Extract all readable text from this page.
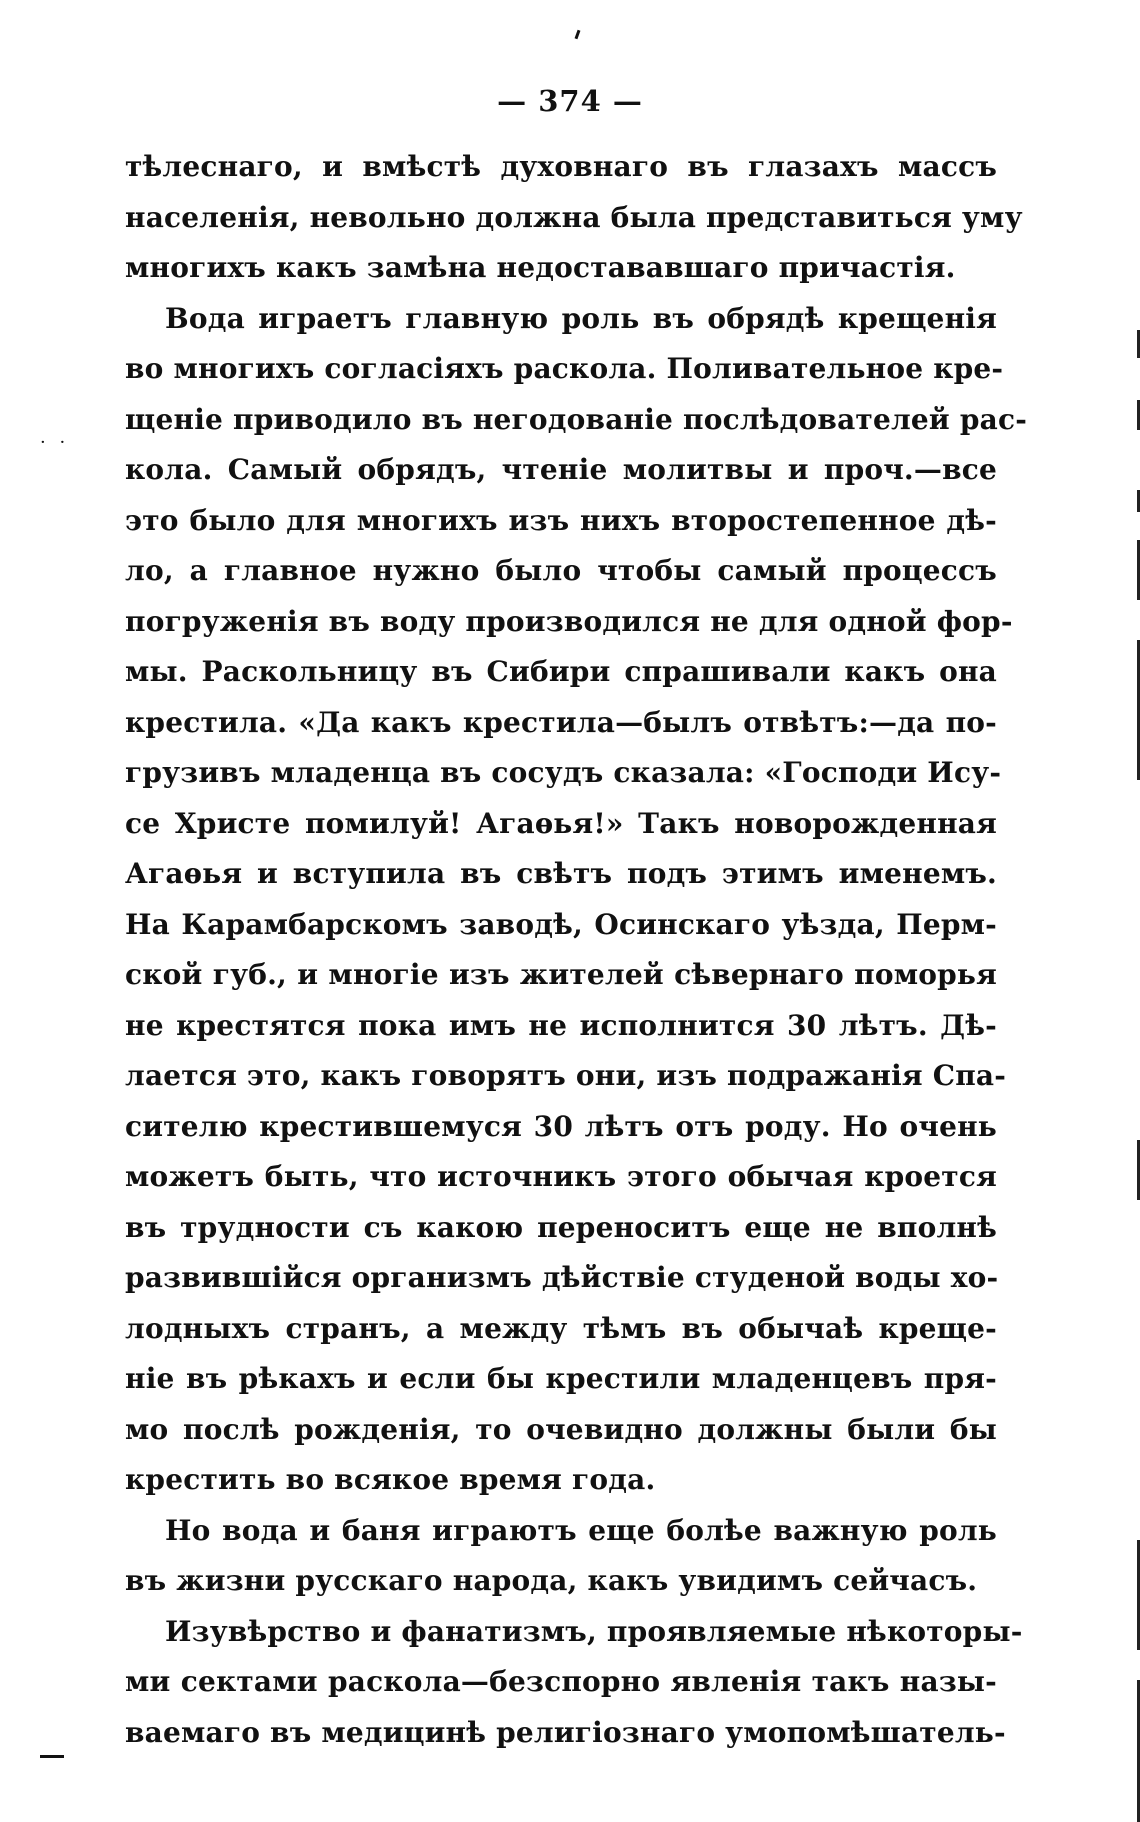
· ·
— 374 —
тѣлеснаго, и вмѣстѣ духовнаго въ глазахъ массъ
населенія, невольно должна была представиться уму
многихъ какъ замѣна недостававшаго причастія.
Вода играетъ главную роль въ обрядѣ крещенія
во многихъ согласіяхъ раскола. Поливательное кре-
щеніе приводило въ негодованіе послѣдователей рас-
кола. Самый обрядъ, чтеніе молитвы и проч.—все
это было для многихъ изъ нихъ второстепенное дѣ-
ло, а главное нужно было чтобы самый процессъ
погруженія въ воду производился не для одной фор-
мы. Раскольницу въ Сибири спрашивали какъ она
крестила. «Да какъ крестила—былъ отвѣтъ:—да по-
грузивъ младенца въ сосудъ сказала: «Господи Ису-
се Христе помилуй! Агаѳья!» Такъ новорожденная
Агаѳья и вступила въ свѣтъ подъ этимъ именемъ.
На Карамбарскомъ заводѣ, Осинскаго уѣзда, Перм-
ской губ., и многіе изъ жителей сѣвернаго поморья
не крестятся пока имъ не исполнится 30 лѣтъ. Дѣ-
лается это, какъ говорятъ они, изъ подражанія Спа-
сителю крестившемуся 30 лѣтъ отъ роду. Но очень
можетъ быть, что источникъ этого обычая кроется
въ трудности съ какою переноситъ еще не вполнѣ
развившійся организмъ дѣйствіе студеной воды хо-
лодныхъ странъ, а между тѣмъ въ обычаѣ креще-
ніе въ рѣкахъ и если бы крестили младенцевъ пря-
мо послѣ рожденія, то очевидно должны были бы
крестить во всякое время года.
Но вода и баня играютъ еще болѣе важную роль
въ жизни русскаго народа, какъ увидимъ сейчасъ.
Изувѣрство и фанатизмъ, проявляемые нѣкоторы-
ми сектами раскола—безспорно явленія такъ назы-
ваемаго въ медицинѣ религіознаго умопомѣшатель-
